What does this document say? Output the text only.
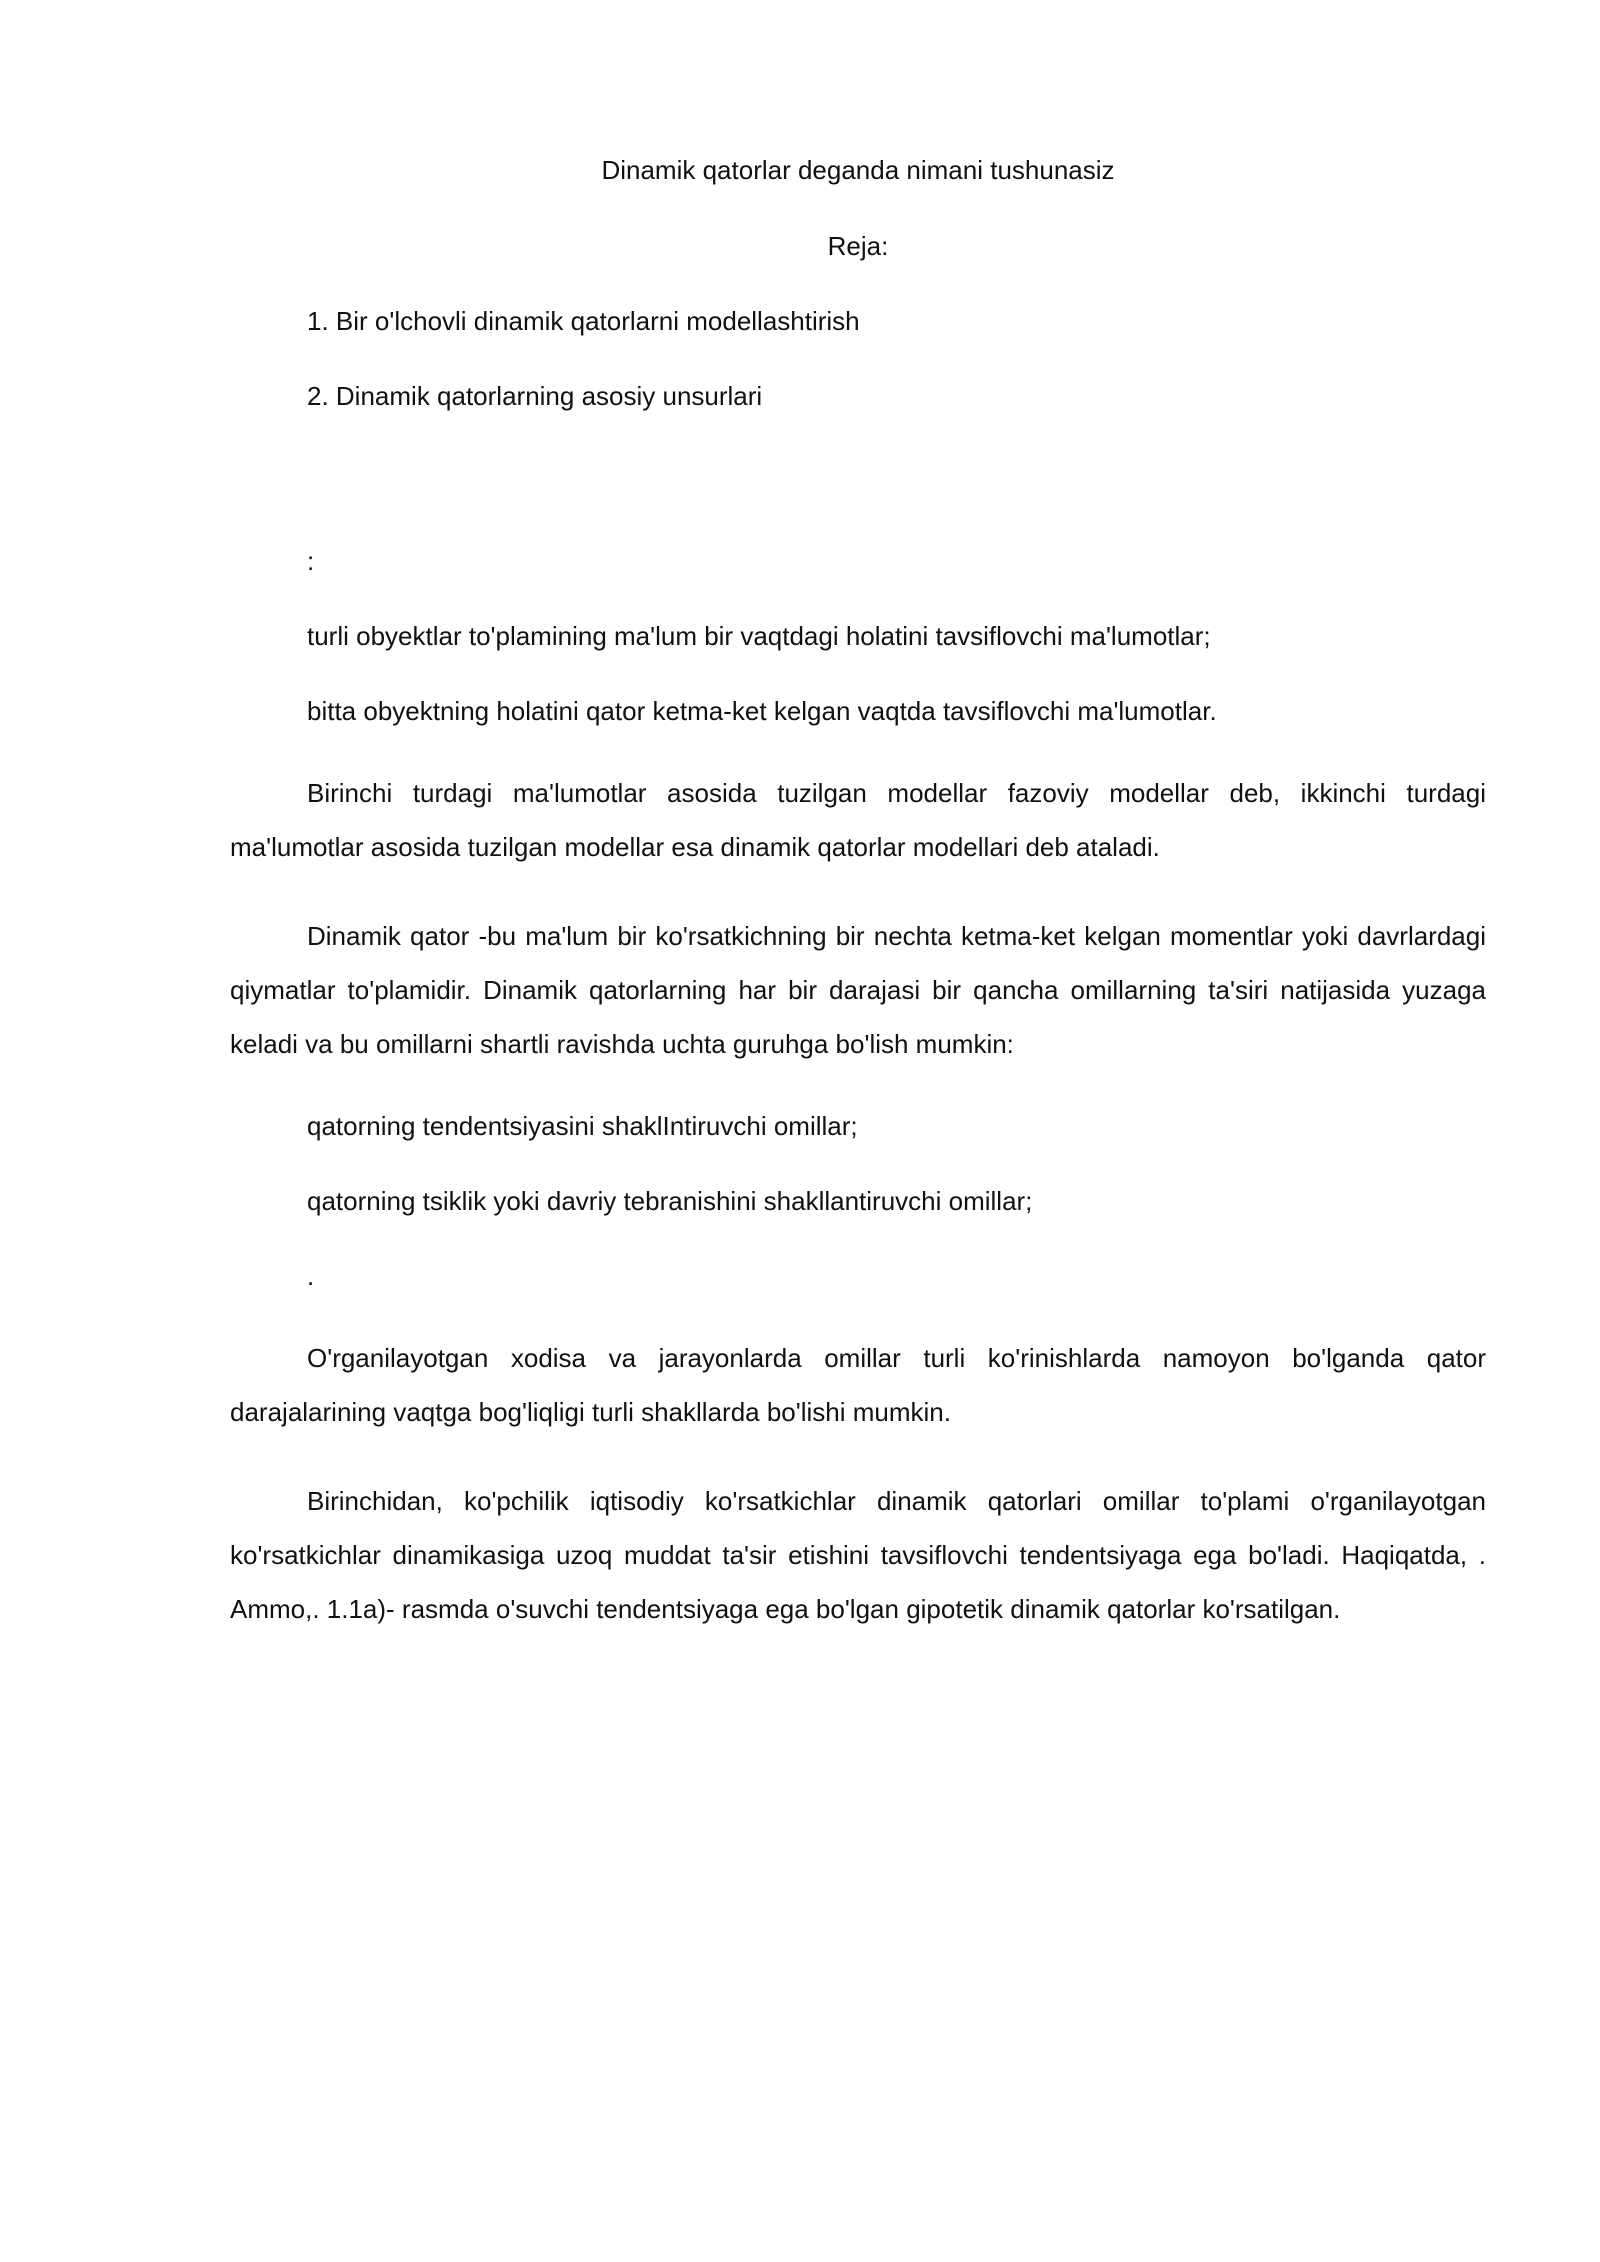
Dinamik qatorlar deganda nimani tushunasiz

Reja:

1. Bir o'lchovli dinamik qatorlarni modellashtirish

2. Dinamik qatorlarning asosiy unsurlari

:

turli obyektlar to'plamining ma'lum bir vaqtdagi holatini tavsiflovchi ma'lumotlar;

bitta obyektning holatini qator ketma-ket kelgan vaqtda tavsiflovchi ma'lumotlar.

Birinchi turdagi ma'lumotlar asosida tuzilgan modellar fazoviy modellar deb, ikkinchi turdagi ma'lumotlar asosida tuzilgan modellar esa dinamik qatorlar modellari deb ataladi.

Dinamik qator -bu ma'lum bir ko'rsatkichning bir nechta ketma-ket kelgan momentlar yoki davrlardagi qiymatlar to'plamidir. Dinamik qatorlarning har bir darajasi bir qancha omillarning ta'siri natijasida yuzaga keladi va bu omillarni shartli ravishda uchta guruhga bo'lish mumkin:

qatorning tendentsiyasini shaklIntiruvchi omillar;

qatorning tsiklik yoki davriy tebranishini shakllantiruvchi omillar;

.

O'rganilayotgan xodisa va jarayonlarda omillar turli ko'rinishlarda namoyon bo'lganda qator darajalarining vaqtga bog'liqligi turli shakllarda bo'lishi mumkin.

Birinchidan, ko'pchilik iqtisodiy ko'rsatkichlar dinamik qatorlari omillar to'plami o'rganilayotgan ko'rsatkichlar dinamikasiga uzoq muddat ta'sir etishini tavsiflovchi tendentsiyaga ega bo'ladi. Haqiqatda, . Ammo,. 1.1a)- rasmda o'suvchi tendentsiyaga ega bo'lgan gipotetik dinamik qatorlar ko'rsatilgan.
